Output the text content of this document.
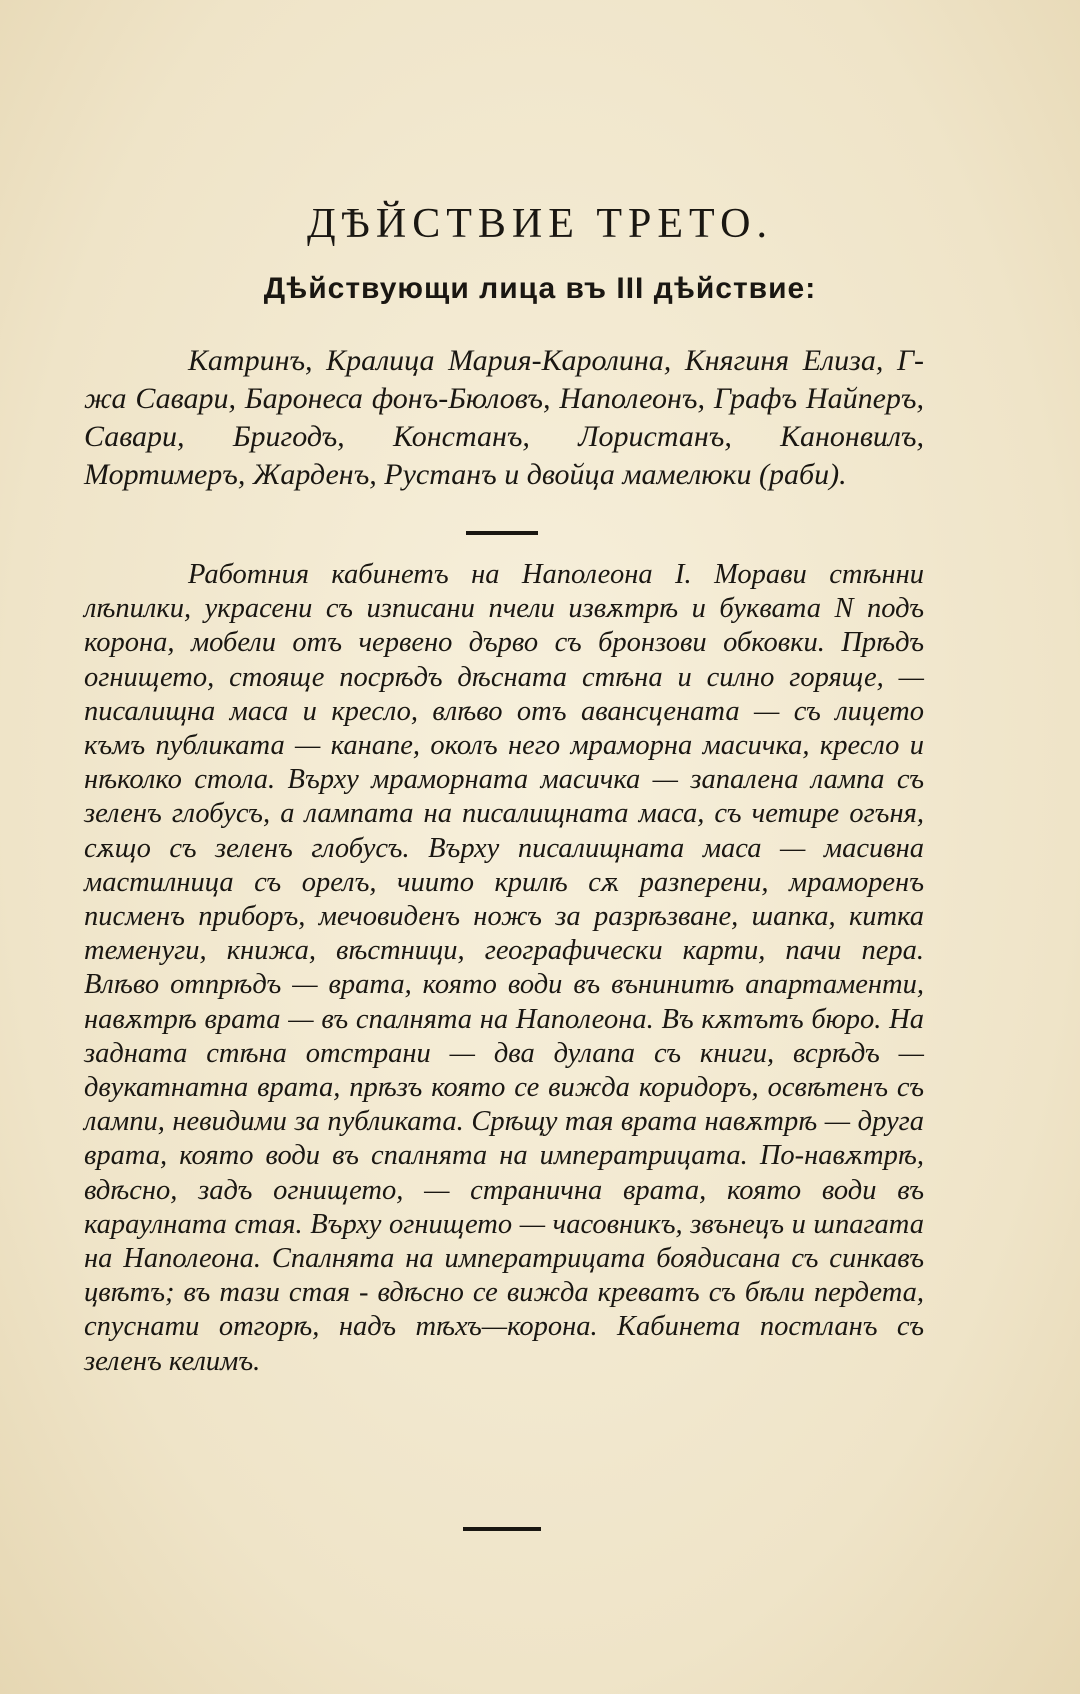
ДѢЙСТВИЕ ТРЕТО.
Дѣйствующи лица въ III дѣйствие:

Катринъ, Кралица Мария-Каролина, Княгиня Елиза, Г-жа Савари, Баронеса фонъ-Бюловъ, Наполеонъ, Графъ Найперъ, Савари, Бригодъ, Констанъ, Лористанъ, Канонвилъ, Мортимеръ, Жарденъ, Рустанъ и двойца мамелюки (раби).

Работния кабинетъ на Наполеона I. Морави стѣнни лѣпилки, украсени съ изписани пчели извѫтрѣ и буквата N подъ корона, мобели отъ червено дърво съ бронзови обковки. Прѣдъ огнището, стояще посрѣдъ дѣсната стѣна и силно горяще, — писалищна маса и кресло, влѣво отъ авансцената — съ лицето къмъ публиката — канапе, околъ него мраморна масичка, кресло и нѣколко стола. Върху мраморната масичка — запалена лампа съ зеленъ глобусъ, а лампата на писалищната маса, съ четире огъня, сѫщо съ зеленъ глобусъ. Върху писалищната маса — масивна мастилница съ орелъ, чиито крилѣ сѫ разперени, мраморенъ писменъ приборъ, мечовиденъ ножъ за разрѣзване, шапка, китка теменуги, книжа, вѣстници, географически карти, пачи пера. Влѣво отпрѣдъ — врата, която води въ вънинитѣ апартаменти, навѫтрѣ врата — въ спалнята на Наполеона. Въ кѫтътъ бюро. На задната стѣна отстрани — два дулапа съ книги, всрѣдъ — двукатнатна врата, прѣзъ която се вижда коридоръ, освѣтенъ съ лампи, невидими за публиката. Срѣщу тая врата навѫтрѣ — друга врата, която води въ спалнята на императрицата. По-навѫтрѣ, вдѣсно, задъ огнището, — странична врата, която води въ караулната стая. Върху огнището — часовникъ, звънецъ и шпагата на Наполеона. Спалнята на императрицата боядисана съ синкавъ цвѣтъ; въ тази стая - вдѣсно се вижда креватъ съ бѣли пердета, спуснати отгорѣ, надъ тѣхъ—корона. Кабинета постланъ съ зеленъ келимъ.
